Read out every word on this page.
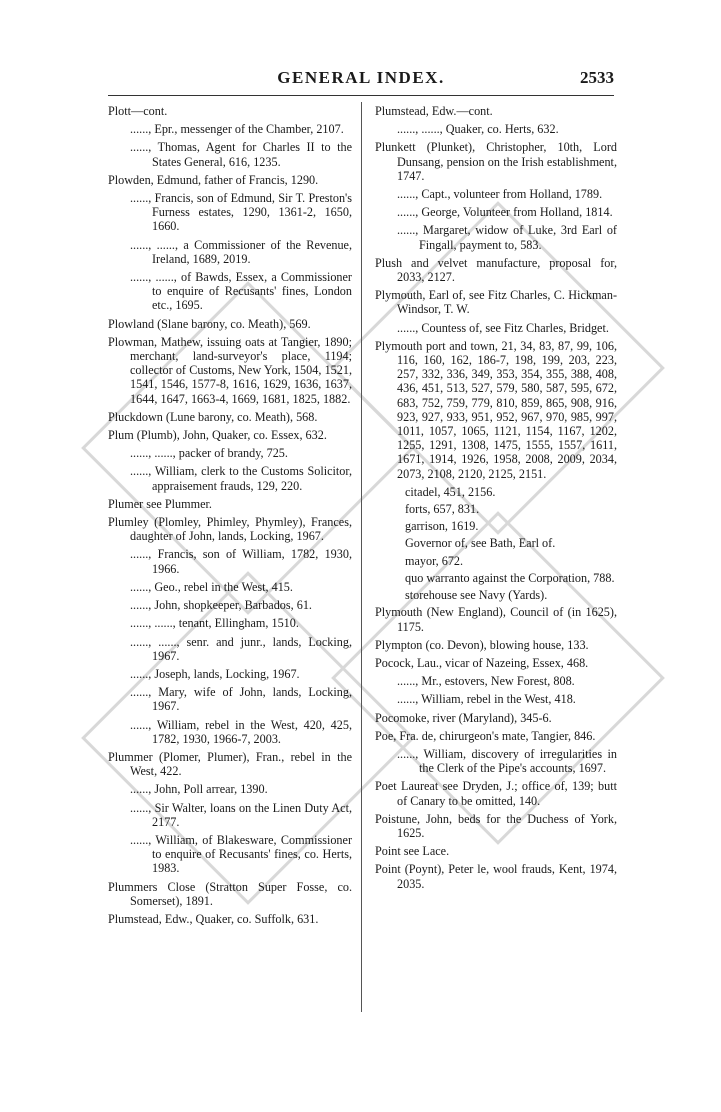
GENERAL INDEX.	2533

Plott—cont.

......, Epr., messenger of the Chamber, 2107.

......, Thomas, Agent for Charles II to the States General, 616, 1235.

Plowden, Edmund, father of Francis, 1290.

......, Francis, son of Edmund, Sir T. Preston's Furness estates, 1290, 1361-2, 1650, 1660.

......, ......, a Commissioner of the Revenue, Ireland, 1689, 2019.

......, ......, of Bawds, Essex, a Commissioner to enquire of Recusants' fines, London etc., 1695.

Plowland (Slane barony, co. Meath), 569.

Plowman, Mathew, issuing oats at Tangier, 1890; merchant, land-surveyor's place, 1194; collector of Customs, New York, 1504, 1521, 1541, 1546, 1577-8, 1616, 1629, 1636, 1637, 1644, 1647, 1663-4, 1669, 1681, 1825, 1882.

Pluckdown (Lune barony, co. Meath), 568.

Plum (Plumb), John, Quaker, co. Essex, 632.

......, ......, packer of brandy, 725.

......, William, clerk to the Customs Solicitor, appraisement frauds, 129, 220.

Plumer see Plummer.

Plumley (Plomley, Phimley, Phymley), Frances, daughter of John, lands, Locking, 1967.

......, Francis, son of William, 1782, 1930, 1966.

......, Geo., rebel in the West, 415.

......, John, shopkeeper, Barbados, 61.

......, ......, tenant, Ellingham, 1510.

......, ......, senr. and junr., lands, Locking, 1967.

......, Joseph, lands, Locking, 1967.

......, Mary, wife of John, lands, Locking, 1967.

......, William, rebel in the West, 420, 425, 1782, 1930, 1966-7, 2003.

Plummer (Plomer, Plumer), Fran., rebel in the West, 422.

......, John, Poll arrear, 1390.

......, Sir Walter, loans on the Linen Duty Act, 2177.

......, William, of Blakesware, Commissioner to enquire of Recusants' fines, co. Herts, 1983.

Plummers Close (Stratton Super Fosse, co. Somerset), 1891.

Plumstead, Edw., Quaker, co. Suffolk, 631.

Plumstead, Edw.—cont.

......, ......, Quaker, co. Herts, 632.

Plunkett (Plunket), Christopher, 10th, Lord Dunsang, pension on the Irish establishment, 1747.

......, Capt., volunteer from Holland, 1789.

......, George, Volunteer from Holland, 1814.

......, Margaret, widow of Luke, 3rd Earl of Fingall, payment to, 583.

Plush and velvet manufacture, proposal for, 2033, 2127.

Plymouth, Earl of, see Fitz Charles, C. Hickman-Windsor, T. W.

......, Countess of, see Fitz Charles, Bridget.

Plymouth port and town, 21, 34, 83, 87, 99, 106, 116, 160, 162, 186-7, 198, 199, 203, 223, 257, 332, 336, 349, 353, 354, 355, 388, 408, 436, 451, 513, 527, 579, 580, 587, 595, 672, 683, 752, 759, 779, 810, 859, 865, 908, 916, 923, 927, 933, 951, 952, 967, 970, 985, 997, 1011, 1057, 1065, 1121, 1154, 1167, 1202, 1255, 1291, 1308, 1475, 1555, 1557, 1611, 1671, 1914, 1926, 1958, 2008, 2009, 2034, 2073, 2108, 2120, 2125, 2151.

citadel, 451, 2156.

forts, 657, 831.

garrison, 1619.

Governor of, see Bath, Earl of.

mayor, 672.

quo warranto against the Corporation, 788.

storehouse see Navy (Yards).

Plymouth (New England), Council of (in 1625), 1175.

Plympton (co. Devon), blowing house, 133.

Pocock, Lau., vicar of Nazeing, Essex, 468.

......, Mr., estovers, New Forest, 808.

......, William, rebel in the West, 418.

Pocomoke, river (Maryland), 345-6.

Poe, Fra. de, chirurgeon's mate, Tangier, 846.

......, William, discovery of irregularities in the Clerk of the Pipe's accounts, 1697.

Poet Laureat see Dryden, J.; office of, 139; butt of Canary to be omitted, 140.

Poistune, John, beds for the Duchess of York, 1625.

Point see Lace.

Point (Poynt), Peter le, wool frauds, Kent, 1974, 2035.
